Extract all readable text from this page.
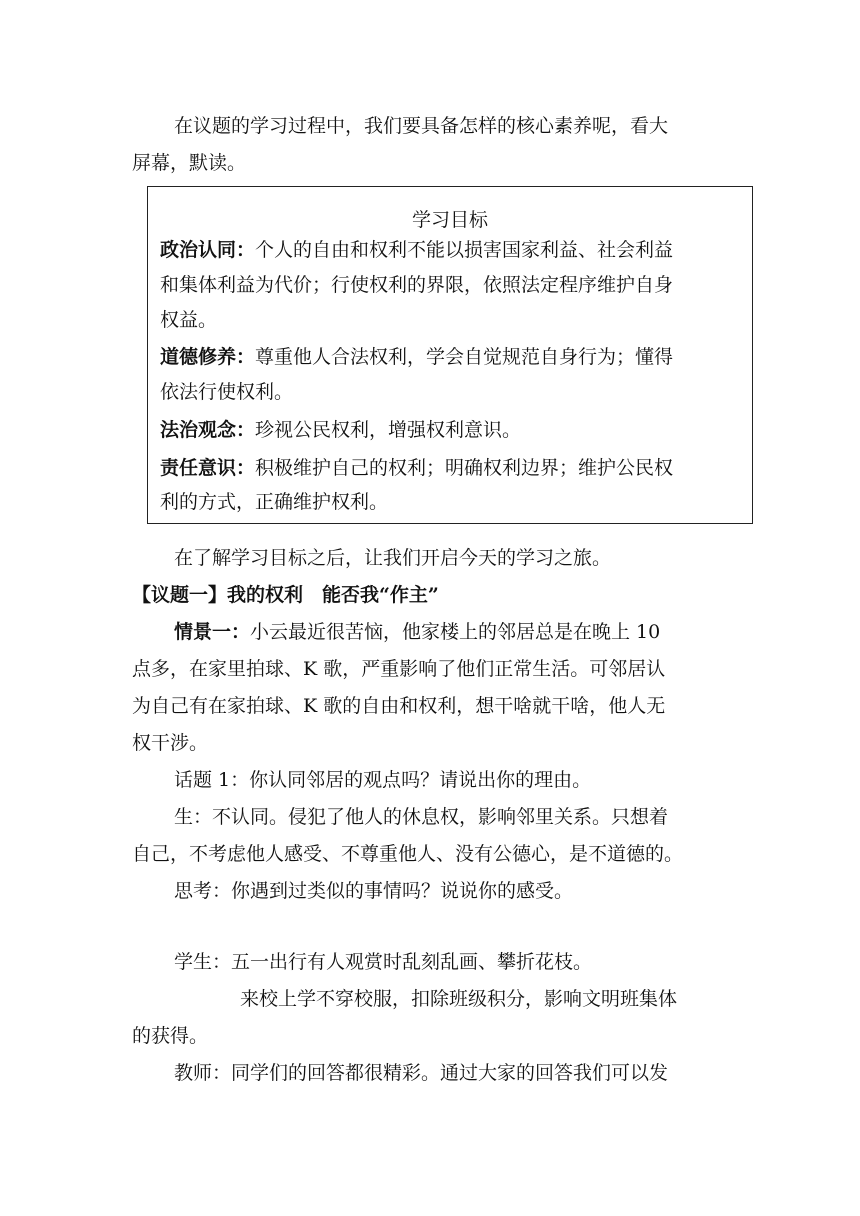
在议题的学习过程中，我们要具备怎样的核心素养呢，看大
屏幕，默读。
学习目标
政治认同：个人的自由和权利不能以损害国家利益、社会利益
和集体利益为代价；行使权利的界限，依照法定程序维护自身
权益。
道德修养：尊重他人合法权利，学会自觉规范自身行为；懂得
依法行使权利。
法治观念：珍视公民权利，增强权利意识。
责任意识：积极维护自己的权利；明确权利边界；维护公民权
利的方式，正确维护权利。
在了解学习目标之后，让我们开启今天的学习之旅。
【议题一】我的权利　能否我“作主”
情景一：小云最近很苦恼，他家楼上的邻居总是在晚上 10
点多，在家里拍球、K 歌，严重影响了他们正常生活。可邻居认
为自己有在家拍球、K 歌的自由和权利，想干啥就干啥，他人无
权干涉。
话题 1：你认同邻居的观点吗？请说出你的理由。
生：不认同。侵犯了他人的休息权，影响邻里关系。只想着
自己，不考虑他人感受、不尊重他人、没有公德心，是不道德的。
思考：你遇到过类似的事情吗？说说你的感受。
学生：五一出行有人观赏时乱刻乱画、攀折花枝。
来校上学不穿校服，扣除班级积分，影响文明班集体
的获得。
教师：同学们的回答都很精彩。通过大家的回答我们可以发
